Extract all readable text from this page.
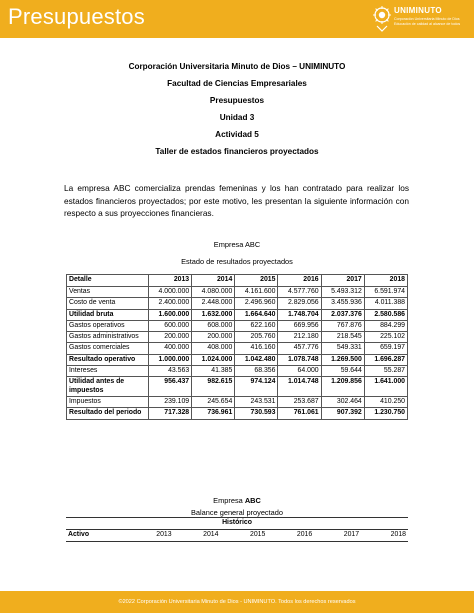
Presupuestos	UNIMINUTO
Corporación Universitaria Minuto de Dios
Educación de calidad al alcance de todos
Corporación Universitaria Minuto de Dios – UNIMINUTO
Facultad de Ciencias Empresariales
Presupuestos
Unidad 3
Actividad 5
Taller de estados financieros proyectados

La empresa ABC comercializa prendas femeninas y los han contratado para realizar los estados financieros proyectados; por este motivo, les presentan la siguiente información con respecto a sus proyecciones financieras.

Empresa ABC
Estado de resultados proyectados
Detalle	2013	2014	2015	2016	2017	2018
Ventas	4.000.000	4.080.000	4.161.600	4.577.760	5.493.312	6.591.974
Costo de venta	2.400.000	2.448.000	2.496.960	2.829.056	3.455.936	4.011.388
Utilidad bruta	1.600.000	1.632.000	1.664.640	1.748.704	2.037.376	2.580.586
Gastos operativos	600.000	608.000	622.160	669.956	767.876	884.299
Gastos administrativos	200.000	200.000	205.760	212.180	218.545	225.102
Gastos comerciales	400.000	408.000	416.160	457.776	549.331	659.197
Resultado operativo	1.000.000	1.024.000	1.042.480	1.078.748	1.269.500	1.696.287
Intereses	43.563	41.385	68.356	64.000	59.644	55.287
Utilidad antes de impuestos	956.437	982.615	974.124	1.014.748	1.209.856	1.641.000
Impuestos	239.109	245.654	243.531	253.687	302.464	410.250
Resultado del periodo	717.328	736.961	730.593	761.061	907.392	1.230.750
Empresa ABC
Balance general proyectado
Histórico
Activo	2013	2014	2015	2016	2017	2018
©2022 Corporación Universitaria Minuto de Dios - UNIMINUTO. Todos los derechos reservados
